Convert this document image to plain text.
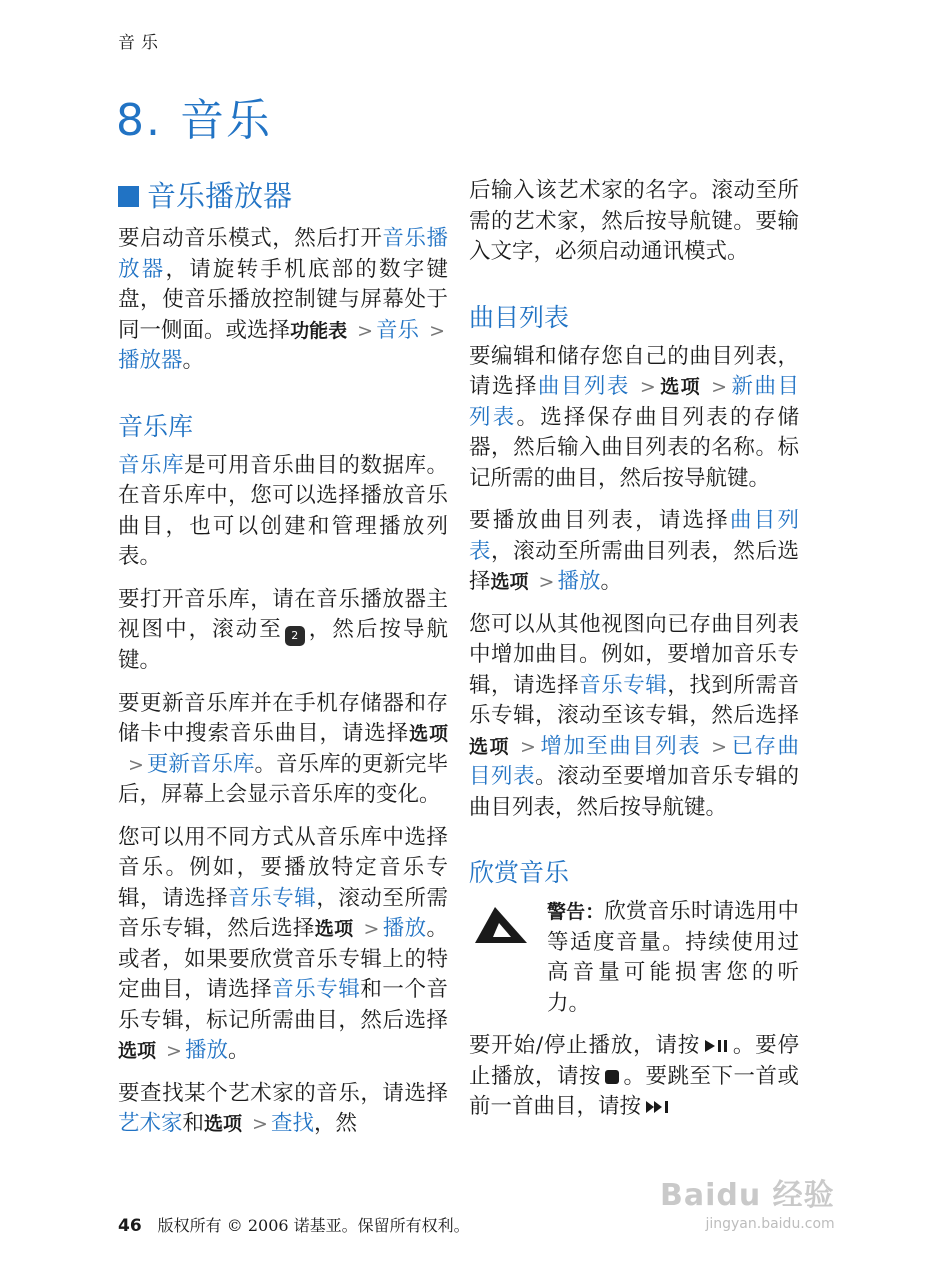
音乐
8. 音乐
音乐播放器

要启动音乐模式，然后打开音乐播放器，请旋转手机底部的数字键盘，使音乐播放控制键与屏幕处于同一侧面。或选择功能表 > 音乐 >播放器。

音乐库

音乐库是可用音乐曲目的数据库。在音乐库中，您可以选择播放音乐曲目，也可以创建和管理播放列表。

要打开音乐库，请在音乐播放器主视图中，滚动至 2 ，然后按导航键。

要更新音乐库并在手机存储器和存储卡中搜索音乐曲目，请选择选项> 更新音乐库。音乐库的更新完毕后，屏幕上会显示音乐库的变化。

您可以用不同方式从音乐库中选择音乐。例如，要播放特定音乐专辑，请选择音乐专辑，滚动至所需音乐专辑，然后选择选项 > 播放。或者，如果要欣赏音乐专辑上的特定曲目，请选择音乐专辑和一个音乐专辑，标记所需曲目，然后选择选项 > 播放。

要查找某个艺术家的音乐，请选择艺术家和选项 > 查找，然

后输入该艺术家的名字。滚动至所需的艺术家，然后按导航键。要输入文字，必须启动通讯模式。

曲目列表

要编辑和储存您自己的曲目列表，请选择曲目列表 > 选项 > 新曲目列表。选择保存曲目列表的存储器，然后输入曲目列表的名称。标记所需的曲目，然后按导航键。

要播放曲目列表，请选择曲目列表，滚动至所需曲目列表，然后选择选项 > 播放。

您可以从其他视图向已存曲目列表中增加曲目。例如，要增加音乐专辑，请选择音乐专辑，找到所需音乐专辑，滚动至该专辑，然后选择选项 > 增加至曲目列表 > 已存曲目列表。滚动至要增加音乐专辑的曲目列表，然后按导航键。

欣赏音乐

警告：欣赏音乐时请选用中等适度音量。持续使用过高音量可能损害您的听力。

要开始/停止播放，请按 。要停止播放，请按 。要跳至下一首或前一首曲目，请按

46 版权所有 © 2006 诺基亚。保留所有权利。
Baidu 经验
jingyan.baidu.com
